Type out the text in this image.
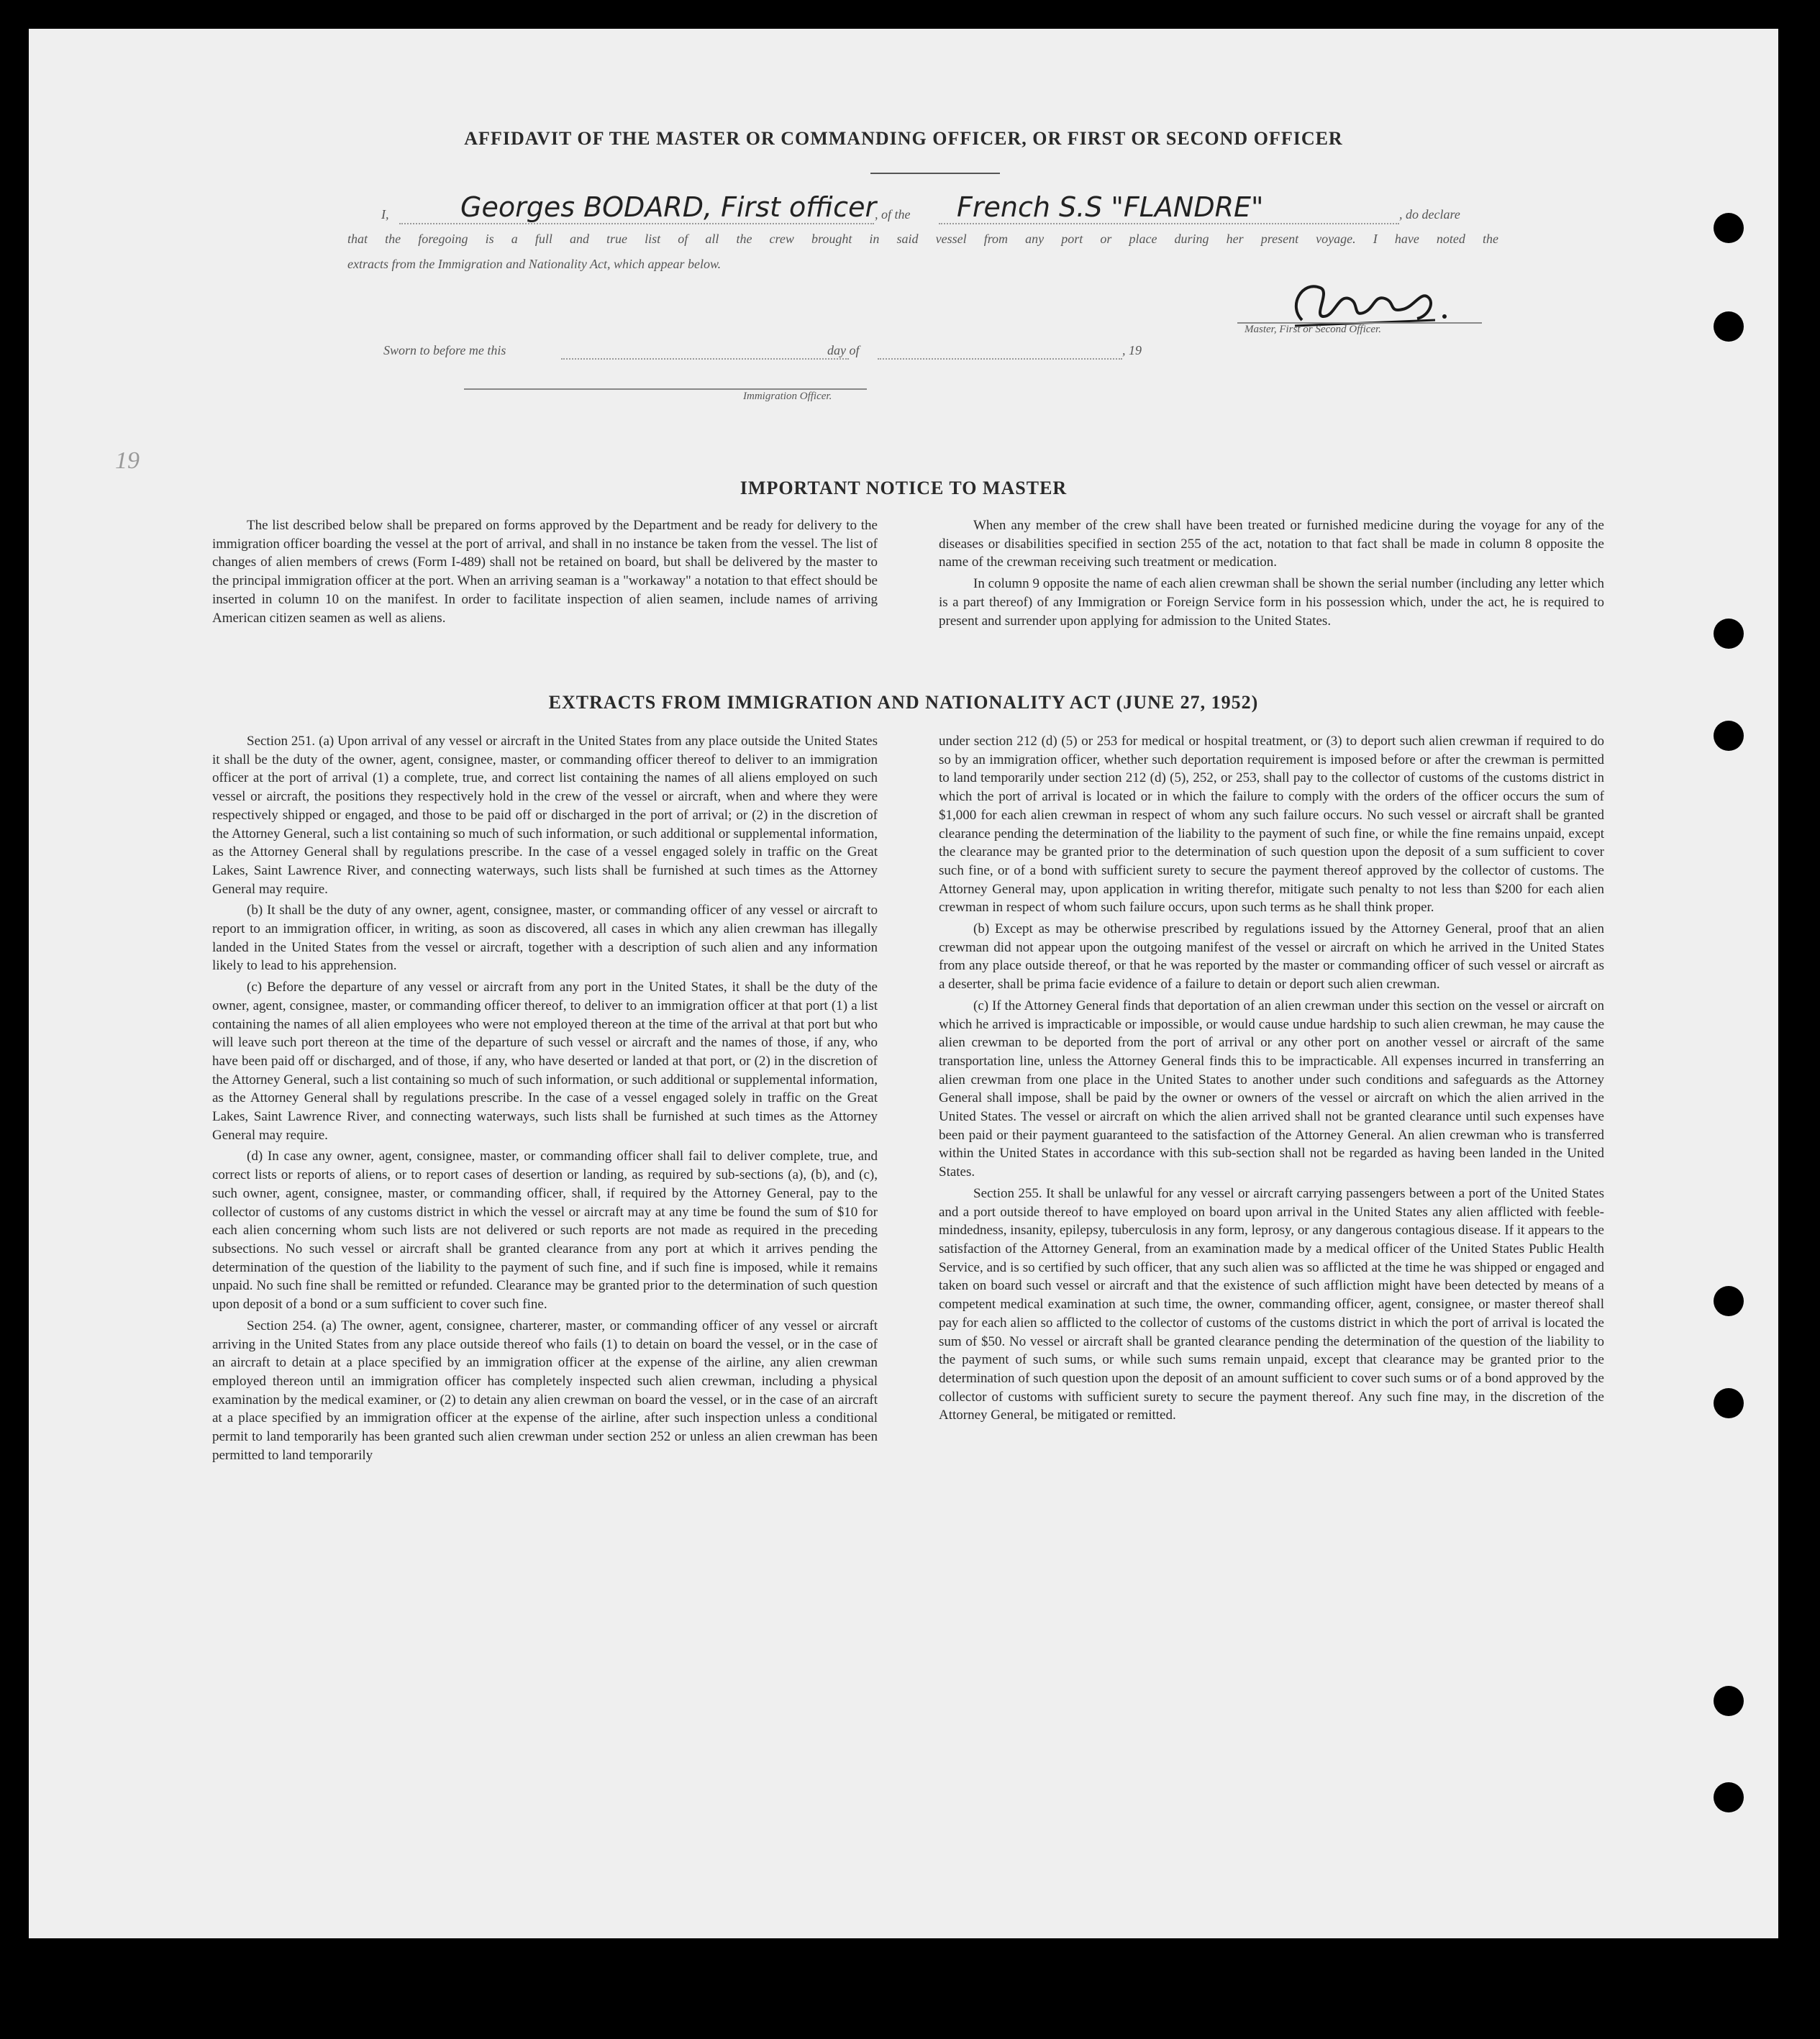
AFFIDAVIT OF THE MASTER OR COMMANDING OFFICER, OR FIRST OR SECOND OFFICER
I,	Georges BODARD, First officer
, of the French S.S "FLANDRE"	, do declare
that the foregoing is a full and true list of all the crew brought in said vessel from any port or place during her present voyage. I have noted the
extracts from the Immigration and Nationality Act, which appear below.
Master, First or Second Officer.
Sworn to before me this	day of	, 19
Immigration Officer.
19
IMPORTANT NOTICE TO MASTER

The list described below shall be prepared on forms approved by the Department and be ready for delivery to the immigration officer boarding the vessel at the port of arrival, and shall in no instance be taken from the vessel. The list of changes of alien members of crews (Form I-489) shall not be retained on board, but shall be delivered by the master to the principal immigration officer at the port. When an arriving seaman is a "workaway" a notation to that effect should be inserted in column 10 on the manifest. In order to facilitate inspection of alien seamen, include names of arriving American citizen seamen as well as aliens.

When any member of the crew shall have been treated or furnished medicine during the voyage for any of the diseases or disabilities specified in section 255 of the act, notation to that fact shall be made in column 8 opposite the name of the crewman receiving such treatment or medication.

In column 9 opposite the name of each alien crewman shall be shown the serial number (including any letter which is a part thereof) of any Immigration or Foreign Service form in his possession which, under the act, he is required to present and surrender upon applying for admission to the United States.

EXTRACTS FROM IMMIGRATION AND NATIONALITY ACT (JUNE 27, 1952)

Section 251. (a) Upon arrival of any vessel or aircraft in the United States from any place outside the United States it shall be the duty of the owner, agent, consignee, master, or commanding officer thereof to deliver to an immigration officer at the port of arrival (1) a complete, true, and correct list containing the names of all aliens employed on such vessel or aircraft, the positions they respectively hold in the crew of the vessel or aircraft, when and where they were respectively shipped or engaged, and those to be paid off or discharged in the port of arrival; or (2) in the discretion of the Attorney General, such a list containing so much of such information, or such additional or supplemental information, as the Attorney General shall by regulations prescribe. In the case of a vessel engaged solely in traffic on the Great Lakes, Saint Lawrence River, and connecting waterways, such lists shall be furnished at such times as the Attorney General may require.

(b) It shall be the duty of any owner, agent, consignee, master, or commanding officer of any vessel or aircraft to report to an immigration officer, in writing, as soon as discovered, all cases in which any alien crewman has illegally landed in the United States from the vessel or aircraft, together with a description of such alien and any information likely to lead to his apprehension.

(c) Before the departure of any vessel or aircraft from any port in the United States, it shall be the duty of the owner, agent, consignee, master, or commanding officer thereof, to deliver to an immigration officer at that port (1) a list containing the names of all alien employees who were not employed thereon at the time of the arrival at that port but who will leave such port thereon at the time of the departure of such vessel or aircraft and the names of those, if any, who have been paid off or discharged, and of those, if any, who have deserted or landed at that port, or (2) in the discretion of the Attorney General, such a list containing so much of such information, or such additional or supplemental information, as the Attorney General shall by regulations prescribe. In the case of a vessel engaged solely in traffic on the Great Lakes, Saint Lawrence River, and connecting waterways, such lists shall be furnished at such times as the Attorney General may require.

(d) In case any owner, agent, consignee, master, or commanding officer shall fail to deliver complete, true, and correct lists or reports of aliens, or to report cases of desertion or landing, as required by sub-sections (a), (b), and (c), such owner, agent, consignee, master, or commanding officer, shall, if required by the Attorney General, pay to the collector of customs of any customs district in which the vessel or aircraft may at any time be found the sum of $10 for each alien concerning whom such lists are not delivered or such reports are not made as required in the preceding subsections. No such vessel or aircraft shall be granted clearance from any port at which it arrives pending the determination of the question of the liability to the payment of such fine, and if such fine is imposed, while it remains unpaid. No such fine shall be remitted or refunded. Clearance may be granted prior to the determination of such question upon deposit of a bond or a sum sufficient to cover such fine.

Section 254. (a) The owner, agent, consignee, charterer, master, or commanding officer of any vessel or aircraft arriving in the United States from any place outside thereof who fails (1) to detain on board the vessel, or in the case of an aircraft to detain at a place specified by an immigration officer at the expense of the airline, any alien crewman employed thereon until an immigration officer has completely inspected such alien crewman, including a physical examination by the medical examiner, or (2) to detain any alien crewman on board the vessel, or in the case of an aircraft at a place specified by an immigration officer at the expense of the airline, after such inspection unless a conditional permit to land temporarily has been granted such alien crewman under section 252 or unless an alien crewman has been permitted to land temporarily

under section 212 (d) (5) or 253 for medical or hospital treatment, or (3) to deport such alien crewman if required to do so by an immigration officer, whether such deportation requirement is imposed before or after the crewman is permitted to land temporarily under section 212 (d) (5), 252, or 253, shall pay to the collector of customs of the customs district in which the port of arrival is located or in which the failure to comply with the orders of the officer occurs the sum of $1,000 for each alien crewman in respect of whom any such failure occurs. No such vessel or aircraft shall be granted clearance pending the determination of the liability to the payment of such fine, or while the fine remains unpaid, except the clearance may be granted prior to the determination of such question upon the deposit of a sum sufficient to cover such fine, or of a bond with sufficient surety to secure the payment thereof approved by the collector of customs. The Attorney General may, upon application in writing therefor, mitigate such penalty to not less than $200 for each alien crewman in respect of whom such failure occurs, upon such terms as he shall think proper.

(b) Except as may be otherwise prescribed by regulations issued by the Attorney General, proof that an alien crewman did not appear upon the outgoing manifest of the vessel or aircraft on which he arrived in the United States from any place outside thereof, or that he was reported by the master or commanding officer of such vessel or aircraft as a deserter, shall be prima facie evidence of a failure to detain or deport such alien crewman.

(c) If the Attorney General finds that deportation of an alien crewman under this section on the vessel or aircraft on which he arrived is impracticable or impossible, or would cause undue hardship to such alien crewman, he may cause the alien crewman to be deported from the port of arrival or any other port on another vessel or aircraft of the same transportation line, unless the Attorney General finds this to be impracticable. All expenses incurred in transferring an alien crewman from one place in the United States to another under such conditions and safeguards as the Attorney General shall impose, shall be paid by the owner or owners of the vessel or aircraft on which the alien arrived in the United States. The vessel or aircraft on which the alien arrived shall not be granted clearance until such expenses have been paid or their payment guaranteed to the satisfaction of the Attorney General. An alien crewman who is transferred within the United States in accordance with this sub-section shall not be regarded as having been landed in the United States.

Section 255. It shall be unlawful for any vessel or aircraft carrying passengers between a port of the United States and a port outside thereof to have employed on board upon arrival in the United States any alien afflicted with feeble-mindedness, insanity, epilepsy, tuberculosis in any form, leprosy, or any dangerous contagious disease. If it appears to the satisfaction of the Attorney General, from an examination made by a medical officer of the United States Public Health Service, and is so certified by such officer, that any such alien was so afflicted at the time he was shipped or engaged and taken on board such vessel or aircraft and that the existence of such affliction might have been detected by means of a competent medical examination at such time, the owner, commanding officer, agent, consignee, or master thereof shall pay for each alien so afflicted to the collector of customs of the customs district in which the port of arrival is located the sum of $50. No vessel or aircraft shall be granted clearance pending the determination of the question of the liability to the payment of such sums, or while such sums remain unpaid, except that clearance may be granted prior to the determination of such question upon the deposit of an amount sufficient to cover such sums or of a bond approved by the collector of customs with sufficient surety to secure the payment thereof. Any such fine may, in the discretion of the Attorney General, be mitigated or remitted.
